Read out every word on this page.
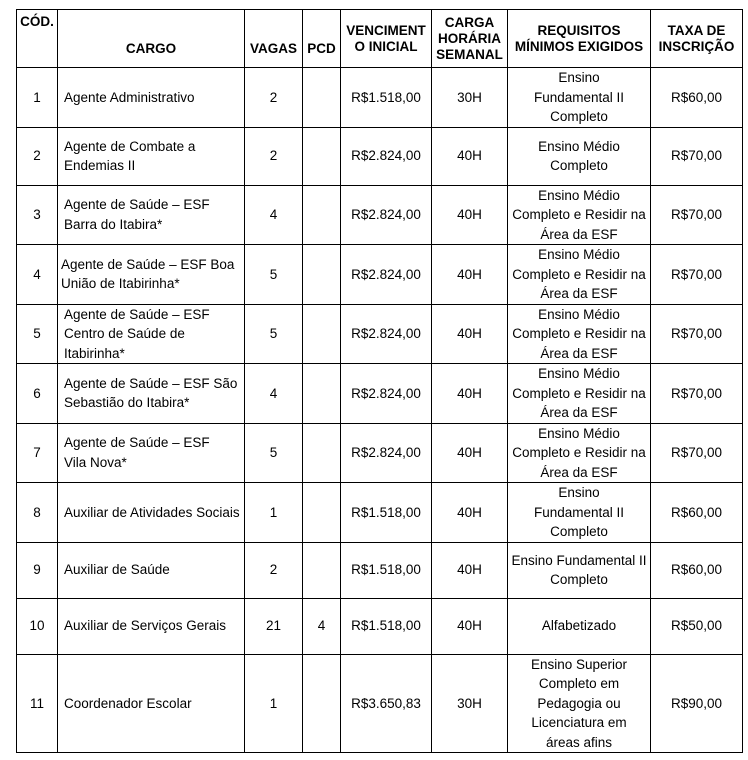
CÓD.	CARGO	VAGAS	PCD	VENCIMENTO INICIAL	CARGA HORÁRIA SEMANAL	REQUISITOS MÍNIMOS EXIGIDOS	TAXA DE INSCRIÇÃO
1	Agente Administrativo	2		R$1.518,00	30H	Ensino Fundamental II Completo	R$60,00
2	Agente de Combate a Endemias II	2		R$2.824,00	40H	Ensino Médio Completo	R$70,00
3	Agente de Saúde – ESF Barra do Itabira*	4		R$2.824,00	40H	Ensino Médio Completo e Residir na Área da ESF	R$70,00
4	Agente de Saúde – ESF Boa União de Itabirinha*	5		R$2.824,00	40H	Ensino Médio Completo e Residir na Área da ESF	R$70,00
5	Agente de Saúde – ESF Centro de Saúde de Itabirinha*	5		R$2.824,00	40H	Ensino Médio Completo e Residir na Área da ESF	R$70,00
6	Agente de Saúde – ESF São Sebastião do Itabira*	4		R$2.824,00	40H	Ensino Médio Completo e Residir na Área da ESF	R$70,00
7	Agente de Saúde – ESF Vila Nova*	5		R$2.824,00	40H	Ensino Médio Completo e Residir na Área da ESF	R$70,00
8	Auxiliar de Atividades Sociais	1		R$1.518,00	40H	Ensino Fundamental II Completo	R$60,00
9	Auxiliar de Saúde	2		R$1.518,00	40H	Ensino Fundamental II Completo	R$60,00
10	Auxiliar de Serviços Gerais	21	4	R$1.518,00	40H	Alfabetizado	R$50,00
11	Coordenador Escolar	1		R$3.650,83	30H	Ensino Superior Completo em Pedagogia ou Licenciatura em áreas afins	R$90,00
